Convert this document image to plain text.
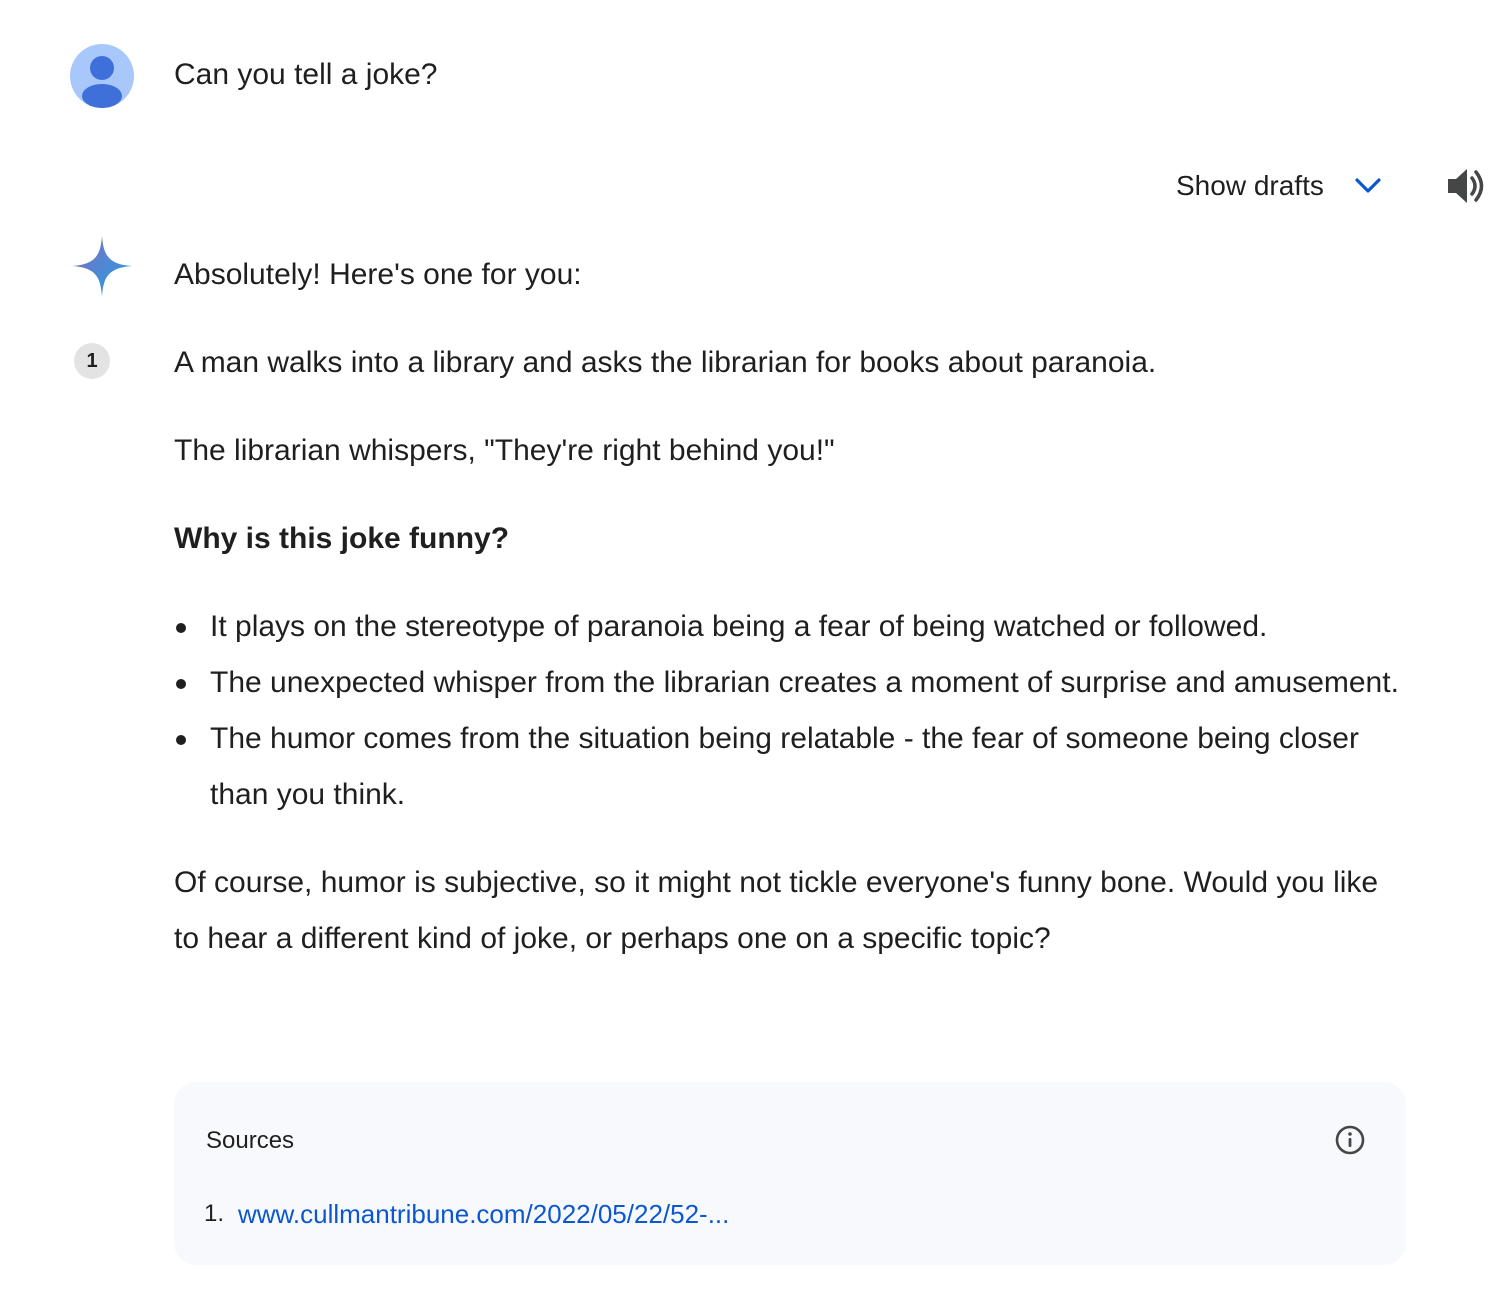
Can you tell a joke?
Show drafts
1

Absolutely! Here's one for you:

A man walks into a library and asks the librarian for books about paranoia.

The librarian whispers, "They're right behind you!"

Why is this joke funny?

It plays on the stereotype of paranoia being a fear of being watched or followed.
The unexpected whisper from the librarian creates a moment of surprise and amusement.
The humor comes from the situation being relatable - the fear of someone being closer than you think.

Of course, humor is subjective, so it might not tickle everyone's funny bone. Would you like to hear a different kind of joke, or perhaps one on a specific topic?

Sources
1. www.cullmantribune.com/2022/05/22/52-...
